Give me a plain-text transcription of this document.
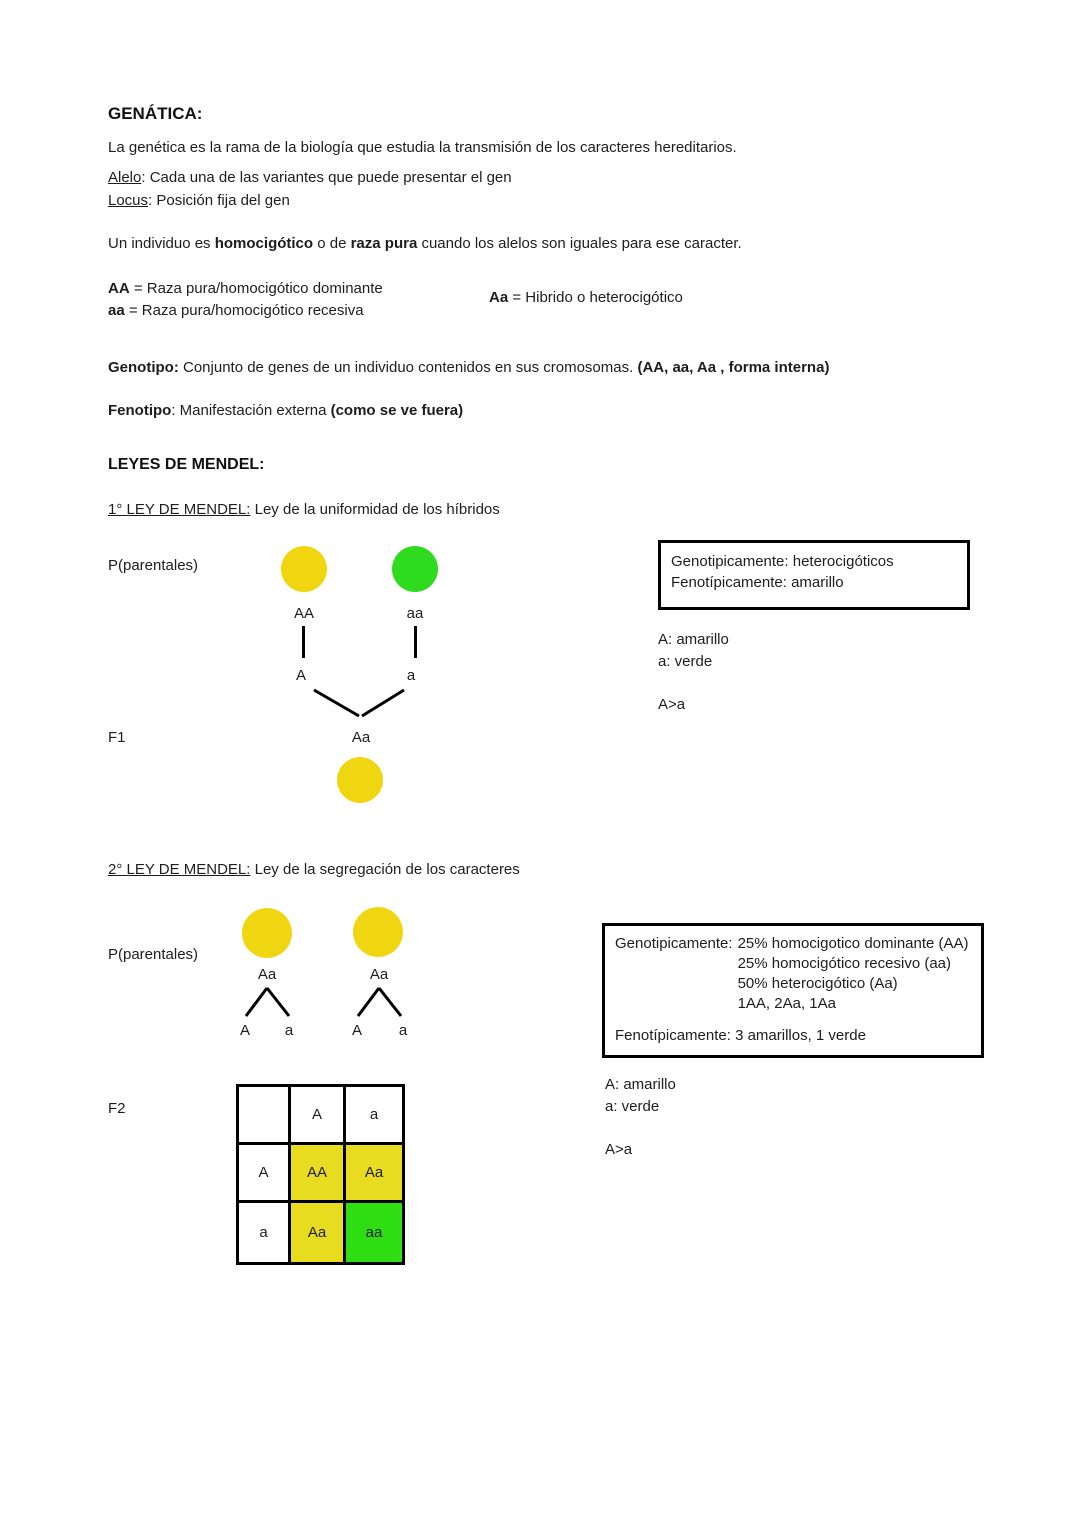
GENÁTICA:
La genética es la rama de la biología que estudia la transmisión de los caracteres hereditarios.
Alelo: Cada una de las variantes que puede presentar el gen
Locus: Posición fija del gen
Un individuo es homocigótico o de raza pura cuando los alelos son iguales para ese caracter.
AA = Raza pura/homocigótico dominante
aa = Raza pura/homocigótico recesiva
Aa = Hibrido o heterocigótico
Genotipo: Conjunto de genes de un individuo contenidos en sus cromosomas. (AA, aa, Aa , forma interna)
Fenotipo: Manifestación externa (como se ve fuera)
LEYES DE MENDEL:
1° LEY DE MENDEL: Ley de la uniformidad de los híbridos
P(parentales)
AA	aa
A	a
F1	Aa
Genotipicamente: heterocigóticos
Fenotípicamente: amarillo
A: amarillo
a: verde
A>a
2° LEY DE MENDEL: Ley de la segregación de los caracteres
P(parentales)
Aa	Aa
A a	A a
Genotipicamente: 25% homocigotico dominante (AA)
25% homocigótico recesivo (aa)
50% heterocigótico (Aa)
1AA, 2Aa, 1Aa
Fenotípicamente: 3 amarillos, 1 verde
A: amarillo
a: verde
A>a
F2	A	a
A	AA	Aa
a	Aa	aa
